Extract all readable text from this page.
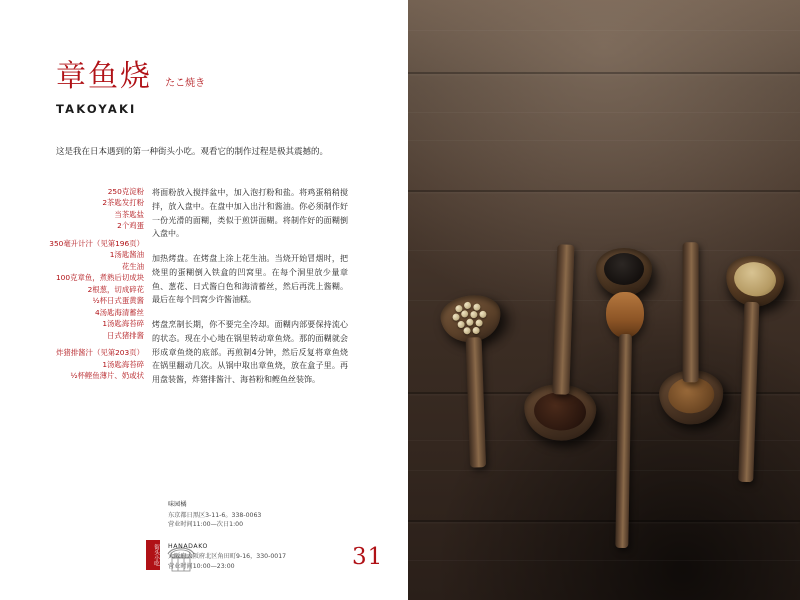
章鱼烧 たこ焼き
TAKOYAKI
这是我在日本遇到的第一种街头小吃。观看它的制作过程是极其震撼的。
250克淀粉
2茶匙发打粉
当茶匙盐
2个鸡蛋
350毫升计汁（见第196页）
1汤匙酱油
花生油
100克章鱼，煮熟后切成块
2根葱，切成碎花
½杯日式蛋黄酱
4汤匙海清蓄丝
1汤匙海苔碎
日式猪排酱
炸猪排酱汁（见第203页）
1汤匙海苔碎
½杯鲣鱼薄片、奶或状

将面粉放入搅拌盆中，加入泡打粉和盐。将鸡蛋稍稍搅拌，放入盘中。在盘中加入出汁和酱油。你必须制作好一份光滑的面糊，类似于煎饼面糊。将制作好的面糊倒入盘中。

加热烤盘。在烤盘上涂上花生油。当烧开始冒烟时，把烧里的蛋糊倒入铁盒的凹窝里。在每个洞里放少量章鱼、葱花、日式酱白色和海清蓄丝，然后再洗上酱糊。最后在每个凹窝少许酱油糕。

烤盘烹制长期，你不要完全冷却。面糊内部要保持流心的状态。现在小心地在锅里转动章鱼烧。那的面糊就会形成章鱼烧的底部。再煎制4分钟，然后反复将章鱼烧在锅里翻动几次。从锅中取出章鱼烧，放在盒子里。再用盘装酱，炸猪排酱汁、海苔粉和鲣鱼丝装饰。

街头小吃
味园橘
东京都日黑区3-11-6。338-0063
营业时间11:00—次日1:00
HANADAKO
大阪府大阪府北区角田町9-16，330-0017
营业时间10:00—23:00	31
